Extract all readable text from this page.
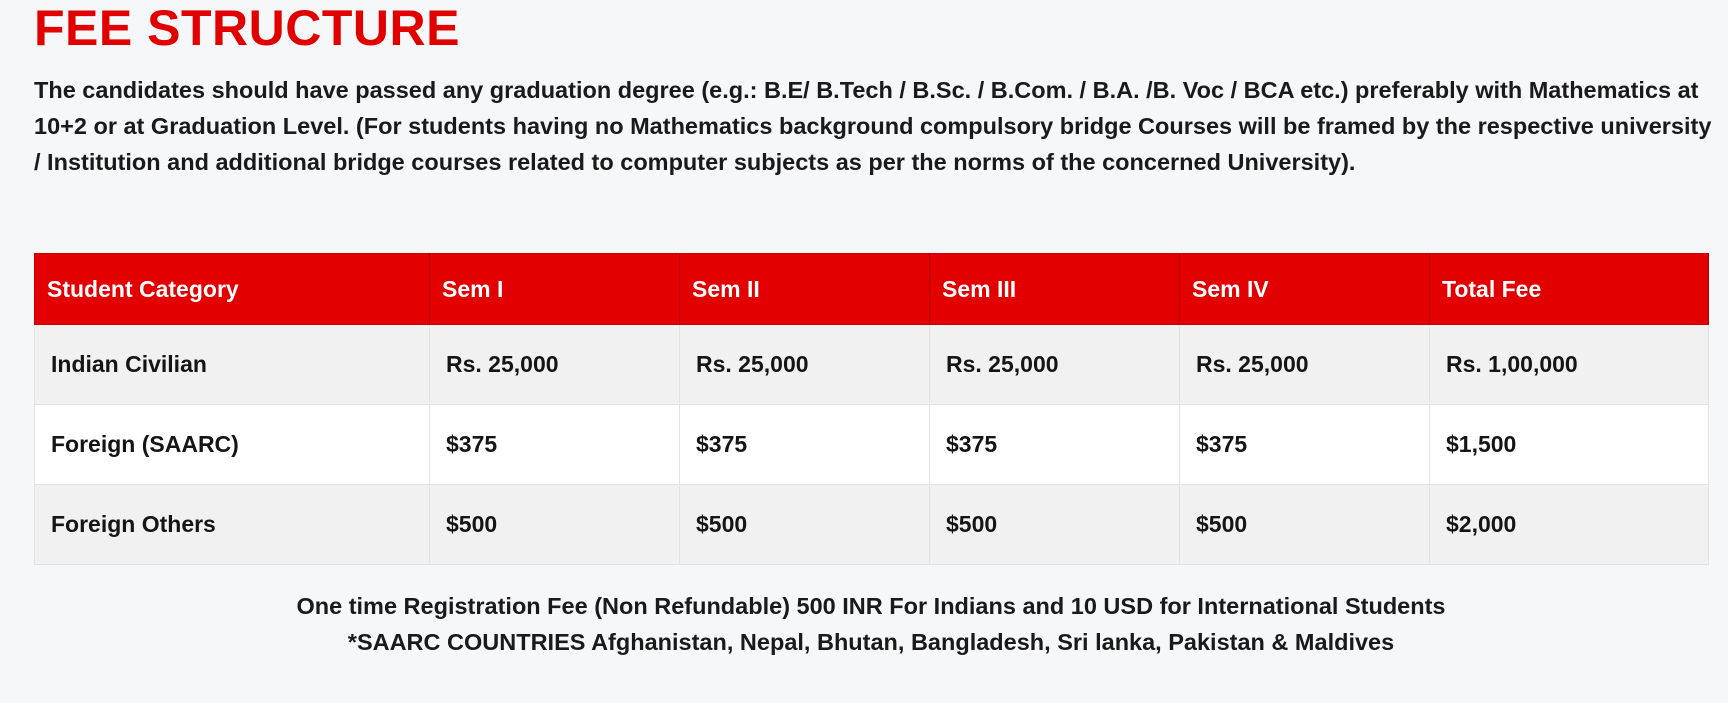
FEE STRUCTURE

The candidates should have passed any graduation degree (e.g.: B.E/ B.Tech / B.Sc. / B.Com. / B.A. /B. Voc / BCA etc.) preferably with Mathematics at 10+2 or at Graduation Level. (For students having no Mathematics background compulsory bridge Courses will be framed by the respective university / Institution and additional bridge courses related to computer subjects as per the norms of the concerned University).

Student Category	Sem I	Sem II	Sem III	Sem IV	Total Fee
Indian Civilian	Rs. 25,000	Rs. 25,000	Rs. 25,000	Rs. 25,000	Rs. 1,00,000
Foreign (SAARC)	$375	$375	$375	$375	$1,500
Foreign Others	$500	$500	$500	$500	$2,000

One time Registration Fee (Non Refundable) 500 INR For Indians and 10 USD for International Students

*SAARC COUNTRIES Afghanistan, Nepal, Bhutan, Bangladesh, Sri lanka, Pakistan & Maldives
